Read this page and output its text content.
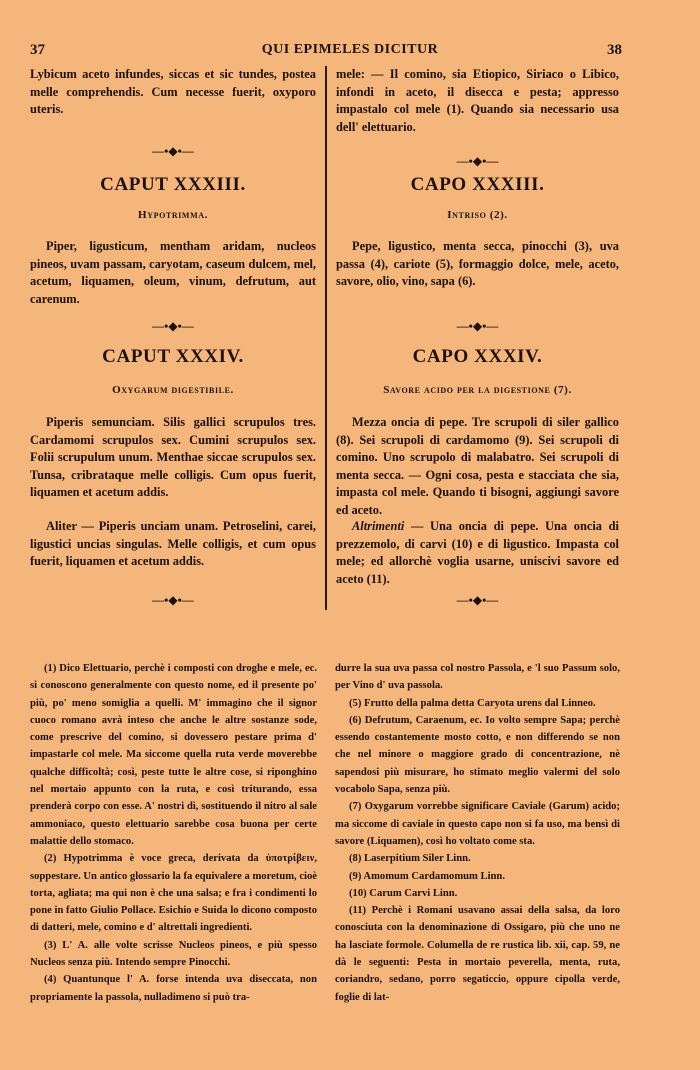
37	QUI EPIMELES DICITUR	38
Lybicum aceto infundes, siccas et sic tundes, postea melle comprehendis. Cum necesse fuerit, oxyporo uteris.
—•◆•—
CAPUT XXXIII.
Hypotrimma.
Piper, ligusticum, mentham aridam, nucleos pineos, uvam passam, caryotam, caseum dulcem, mel, acetum, liquamen, oleum, vinum, defrutum, aut carenum.
—•◆•—
CAPUT XXXIV.
Oxygarum digestibile.
Piperis semunciam. Silis gallici scrupulos tres. Cardamomi scrupulos sex. Cumini scrupulos sex. Folii scrupulum unum. Menthae siccae scrupulos sex. Tunsa, cribrataque melle colligis. Cum opus fuerit, liquamen et acetum addis.
Aliter — Piperis unciam unam. Petroselini, carei, ligustici uncias singulas. Melle colligis, et cum opus fuerit, liquamen et acetum addis.
—•◆•—
mele: — Il comino, sia Etiopico, Siriaco o Libico, infondi in aceto, il disecca e pesta; appresso impastalo col mele (1). Quando sia necessario usa dell' elettuario.
—•◆•—
CAPO XXXIII.
Intriso (2).
Pepe, ligustico, menta secca, pinocchi (3), uva passa (4), cariote (5), formaggio dolce, mele, aceto, savore, olio, vino, sapa (6).
—•◆•—
CAPO XXXIV.
Savore acido per la digestione (7).
Mezza oncia di pepe. Tre scrupoli di siler gallico (8). Sei scrupoli di cardamomo (9). Sei scrupoli di comino. Uno scrupolo di malabatro. Sei scrupoli di menta secca. — Ogni cosa, pesta e stacciata che sia, impasta col mele. Quando ti bisogni, aggiungi savore ed aceto.
Altrimenti — Una oncia di pepe. Una oncia di prezzemolo, di carvi (10) e di ligustico. Impasta col mele; ed allorchè voglia usarne, uniscivi savore ed aceto (11).
—•◆•—

(1) Dico Elettuario, perchè i composti con droghe e mele, ec. si conoscono generalmente con questo nome, ed il presente po' più, po' meno somiglia a quelli. M' immagino che il signor cuoco romano avrà inteso che anche le altre sostanze sode, come prescrive del comino, si dovessero pestare prima d' impastarle col mele. Ma siccome quella ruta verde moverebbe qualche difficoltà; così, peste tutte le altre cose, si riponghino nel mortaio appunto con la ruta, e così triturando, essa prenderà corpo con esse. A' nostri dì, sostituendo il nitro al sale ammoniaco, questo elettuario sarebbe cosa buona per certe malattie dello stomaco.

(2) Hypotrimma è voce greca, derivata da ὑποτρίβειν, soppestare. Un antico glossario la fa equivalere a moretum, cioè torta, agliata; ma qui non è che una salsa; e fra i condimenti lo pone in fatto Giulio Pollace. Esichio e Suida lo dicono composto di datteri, mele, comino e d' altrettali ingredienti.

(3) L' A. alle volte scrisse Nucleos pineos, e più spesso Nucleos senza più. Intendo sempre Pinocchi.

(4) Quantunque l' A. forse intenda uva diseccata, non propriamente la passola, nulladimeno si può tra-

durre la sua uva passa col nostro Passola, e 'l suo Passum solo, per Vino d' uva passola.

(5) Frutto della palma detta Caryota urens dal Linneo.

(6) Defrutum, Caraenum, ec. Io volto sempre Sapa; perchè essendo costantemente mosto cotto, e non differendo se non che nel minore o maggiore grado di concentrazione, nè sapendosi più misurare, ho stimato meglio valermi del solo vocabolo Sapa, senza più.

(7) Oxygarum vorrebbe significare Caviale (Garum) acido; ma siccome di caviale in questo capo non si fa uso, ma bensì di savore (Liquamen), così ho voltato come sta.

(8) Laserpitium Siler Linn.

(9) Amomum Cardamomum Linn.

(10) Carum Carvi Linn.

(11) Perchè i Romani usavano assai della salsa, da loro conosciuta con la denominazione di Ossigaro, più che uno ne ha lasciate formole. Columella de re rustica lib. xii, cap. 59, ne dà le seguenti: Pesta in mortaio peverella, menta, ruta, coriandro, sedano, porro segaticcio, oppure cipolla verde, foglie di lat-
